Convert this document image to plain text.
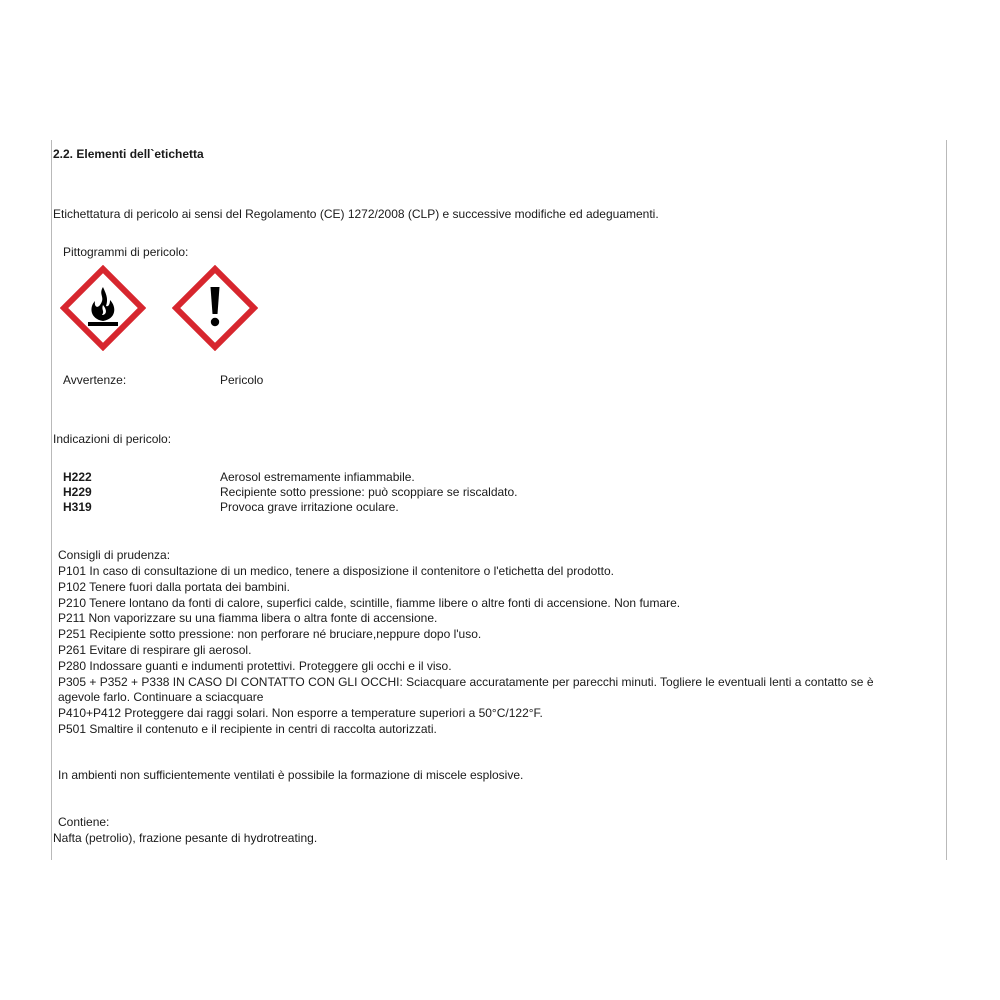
2.2. Elementi dell`etichetta
Etichettatura di pericolo ai sensi del Regolamento (CE) 1272/2008 (CLP) e successive modifiche ed adeguamenti.
Pittogrammi di pericolo:
Avvertenze:	Pericolo
Indicazioni di pericolo:
H222	Aerosol estremamente infiammabile.
H229	Recipiente sotto pressione: può scoppiare se riscaldato.
H319	Provoca grave irritazione oculare.
Consigli di prudenza:
P101 In caso di consultazione di un medico, tenere a disposizione il contenitore o l'etichetta del prodotto.
P102 Tenere fuori dalla portata dei bambini.
P210 Tenere lontano da fonti di calore, superfici calde, scintille, fiamme libere o altre fonti di accensione. Non fumare.
P211 Non vaporizzare su una fiamma libera o altra fonte di accensione.
P251 Recipiente sotto pressione: non perforare né bruciare,neppure dopo l'uso.
P261 Evitare di respirare gli aerosol.
P280 Indossare guanti e indumenti protettivi. Proteggere gli occhi e il viso.
P305 + P352 + P338 IN CASO DI CONTATTO CON GLI OCCHI: Sciacquare accuratamente per parecchi minuti. Togliere le eventuali lenti a contatto se è agevole farlo. Continuare a sciacquare
P410+P412 Proteggere dai raggi solari. Non esporre a temperature superiori a 50°C/122°F.
P501 Smaltire il contenuto e il recipiente in centri di raccolta autorizzati.
In ambienti non sufficientemente ventilati è possibile la formazione di miscele esplosive.
Contiene:
Nafta (petrolio), frazione pesante di hydrotreating.
